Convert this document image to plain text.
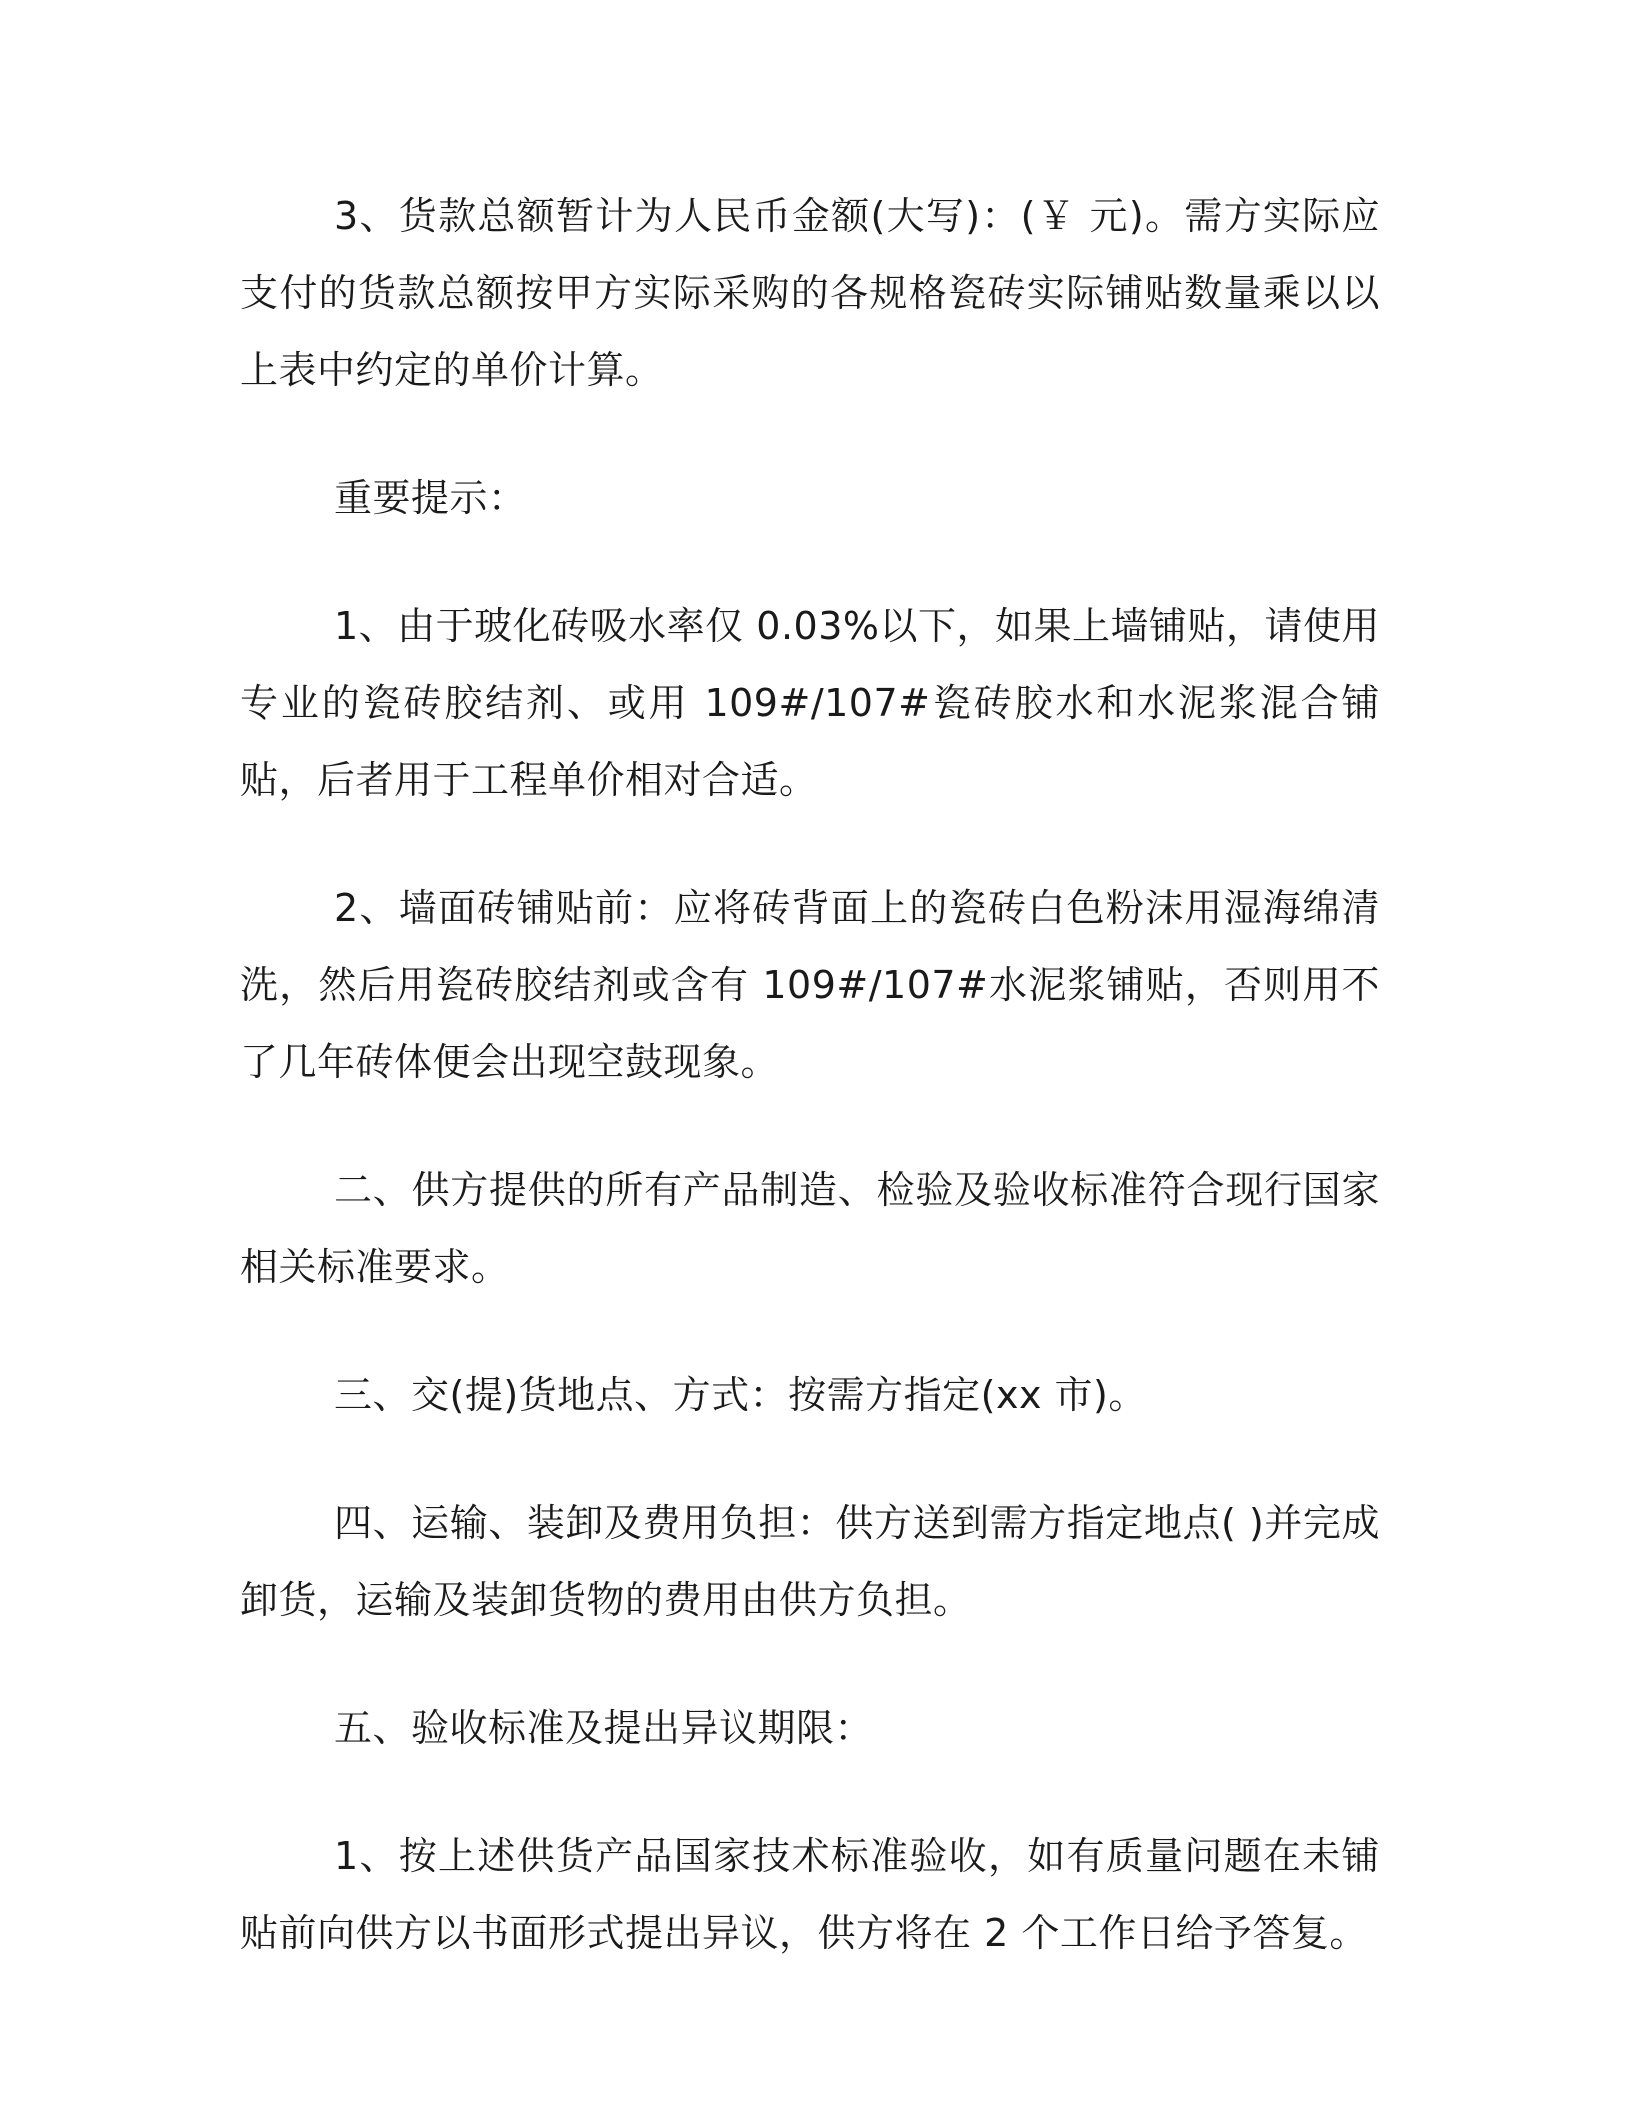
3、货款总额暂计为人民币金额(大写)：(￥ 元)。需方实际应支付的货款总额按甲方实际采购的各规格瓷砖实际铺贴数量乘以以上表中约定的单价计算。

重要提示：

1、由于玻化砖吸水率仅 0.03%以下，如果上墙铺贴，请使用专业的瓷砖胶结剂、或用 109#/107#瓷砖胶水和水泥浆混合铺贴，后者用于工程单价相对合适。

2、墙面砖铺贴前：应将砖背面上的瓷砖白色粉沫用湿海绵清洗，然后用瓷砖胶结剂或含有 109#/107#水泥浆铺贴，否则用不了几年砖体便会出现空鼓现象。

二、供方提供的所有产品制造、检验及验收标准符合现行国家相关标准要求。

三、交(提)货地点、方式：按需方指定(xx 市)。

四、运输、装卸及费用负担：供方送到需方指定地点( )并完成卸货，运输及装卸货物的费用由供方负担。

五、验收标准及提出异议期限：

1、按上述供货产品国家技术标准验收，如有质量问题在未铺贴前向供方以书面形式提出异议，供方将在 2 个工作日给予答复。
